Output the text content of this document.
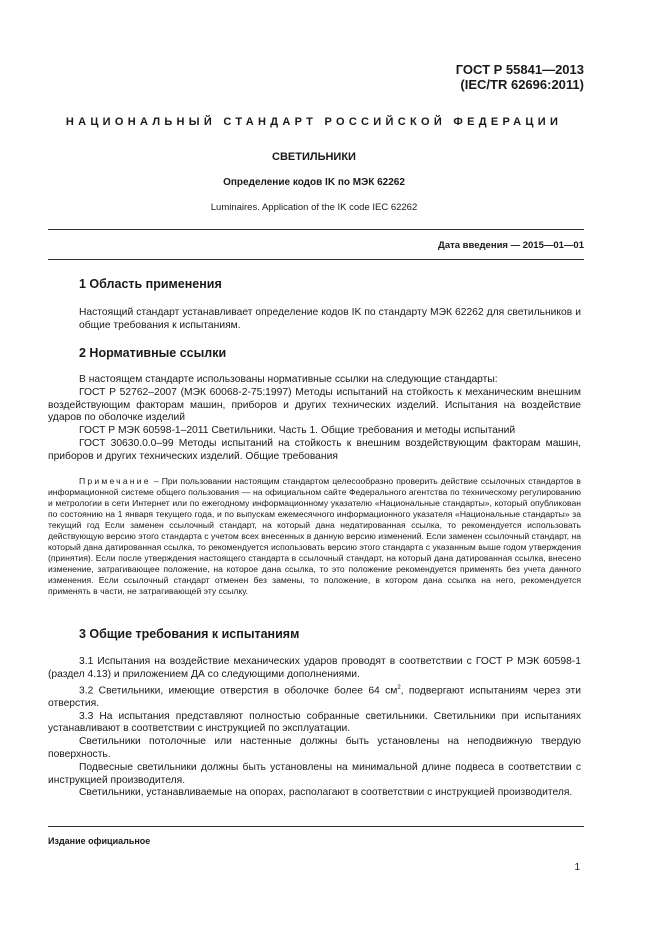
ГОСТ Р 55841—2013
(IEC/TR 62696:2011)
НАЦИОНАЛЬНЫЙ СТАНДАРТ РОССИЙСКОЙ ФЕДЕРАЦИИ
СВЕТИЛЬНИКИ
Определение кодов IK по МЭК 62262
Luminaires. Application of the IK code IEC 62262
Дата введения — 2015—01—01
1 Область применения

Настоящий стандарт устанавливает определение кодов IK по стандарту МЭК 62262 для светильников и общие требования к испытаниям.

2 Нормативные ссылки

В настоящем стандарте использованы нормативные ссылки на следующие стандарты:

ГОСТ Р 52762–2007 (МЭК 60068-2-75:1997) Методы испытаний на стойкость к механическим внешним воздействующим факторам машин, приборов и других технических изделий. Испытания на воздействие ударов по оболочке изделий

ГОСТ Р МЭК 60598-1–2011 Светильники. Часть 1. Общие требования и методы испытаний

ГОСТ 30630.0.0–99 Методы испытаний на стойкость к внешним воздействующим факторам машин, приборов и других технических изделий. Общие требования

Примечание – При пользовании настоящим стандартом целесообразно проверить действие ссылочных стандартов в информационной системе общего пользования — на официальном сайте Федерального агентства по техническому регулированию и метрологии в сети Интернет или по ежегодному информационному указателю «Национальные стандарты», который опубликован по состоянию на 1 января текущего года, и по выпускам ежемесячного информационного указателя «Национальные стандарты» за текущий год Если заменен ссылочный стандарт, на который дана недатированная ссылка, то рекомендуется использовать действующую версию этого стандарта с учетом всех внесенных в данную версию изменений. Если заменен ссылочный стандарт, на который дана датированная ссылка, то рекомендуется использовать версию этого стандарта с указанным выше годом утверждения (принятия). Если после утверждения настоящего стандарта в ссылочный стандарт, на который дана датированная ссылка, внесено изменение, затрагивающее положение, на которое дана ссылка, то это положение рекомендуется применять без учета данного изменения. Если ссылочный стандарт отменен без замены, то положение, в котором дана ссылка на него, рекомендуется применять в части, не затрагивающей эту ссылку.
3 Общие требования к испытаниям

3.1 Испытания на воздействие механических ударов проводят в соответствии с ГОСТ Р МЭК 60598-1 (раздел 4.13) и приложением ДА со следующими дополнениями.

3.2 Светильники, имеющие отверстия в оболочке более 64 $см^2$, подвергают испытаниям через эти отверстия.

3.3 На испытания представляют полностью собранные светильники. Светильники при испытаниях устанавливают в соответствии с инструкцией по эксплуатации.

Светильники потолочные или настенные должны быть установлены на неподвижную твердую поверхность.

Подвесные светильники должны быть установлены на минимальной длине подвеса в соответствии с инструкцией производителя.

Светильники, устанавливаемые на опорах, располагают в соответствии с инструкцией производителя.

Издание официальное
1
